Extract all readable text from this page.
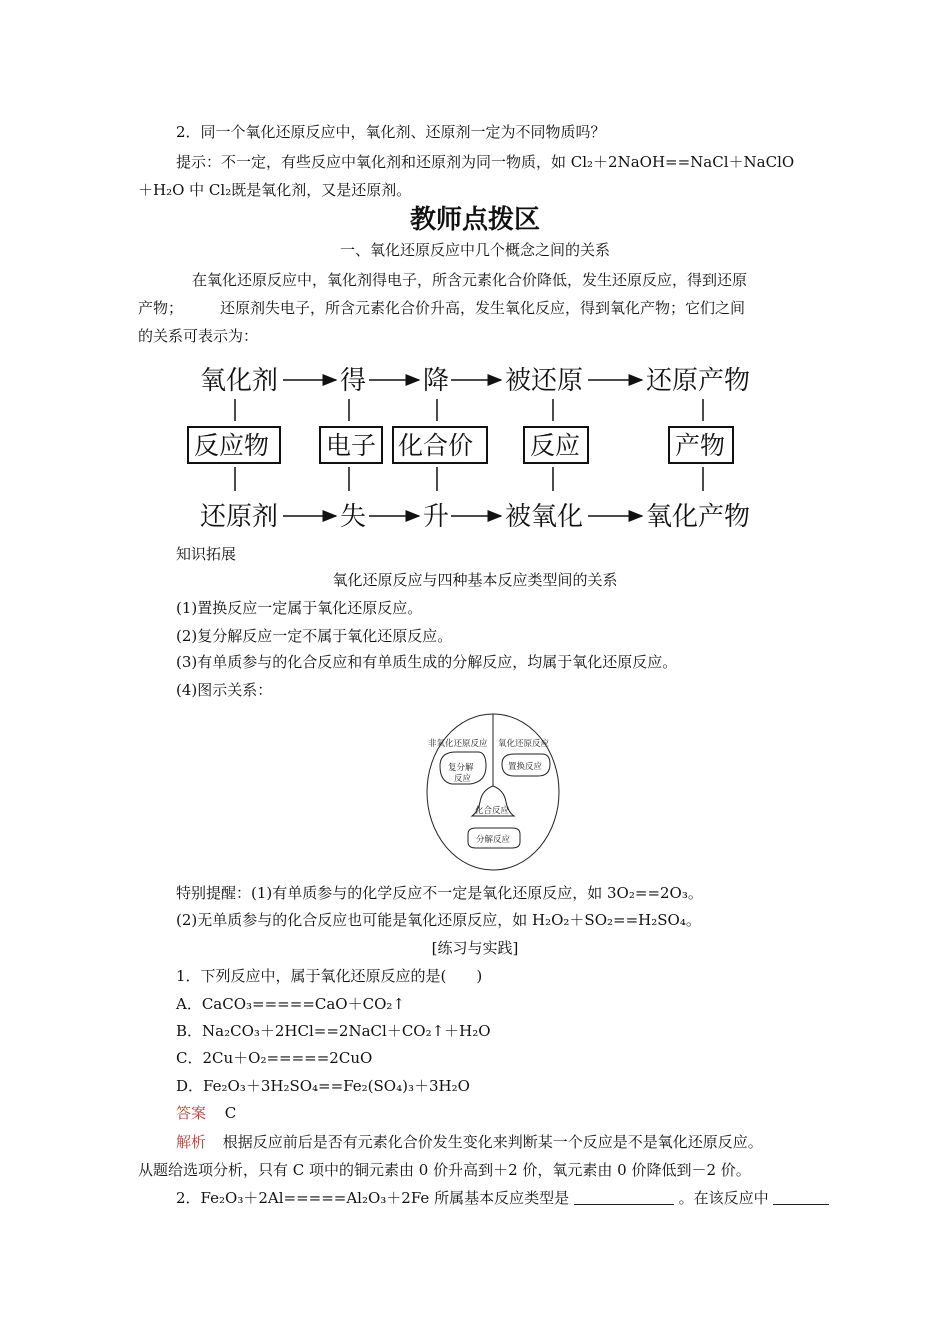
2．同一个氧化还原反应中，氧化剂、还原剂一定为不同物质吗？
提示：不一定，有些反应中氧化剂和还原剂为同一物质，如 Cl₂＋2NaOH==NaCl＋NaClO
＋H₂O 中 Cl₂既是氧化剂，又是还原剂。
教师点拨区
一、氧化还原反应中几个概念之间的关系
在氧化还原反应中，氧化剂得电子，所含元素化合价降低，发生还原反应，得到还原
产物； 还原剂失电子，所含元素化合价升高，发生氧化反应，得到氧化产物；它们之间
的关系可表示为：
氧化剂 得 降 被还原 还原产物
还原剂 失 升 被氧化 氧化产物
反应物 电子 化合价 反应	产物
知识拓展
氧化还原反应与四种基本反应类型间的关系
(1)置换反应一定属于氧化还原反应。
(2)复分解反应一定不属于氧化还原反应。
(3)有单质参与的化合反应和有单质生成的分解反应，均属于氧化还原反应。
(4)图示关系：
非氧化还原反应 氧化还原反应
复分解
反应
置换反应
化合反应
分解反应
特别提醒：(1)有单质参与的化学反应不一定是氧化还原反应，如 3O₂==2O₃。
(2)无单质参与的化合反应也可能是氧化还原反应，如 H₂O₂＋SO₂==H₂SO₄。
[练习与实践]
1．下列反应中，属于氧化还原反应的是(　　)
A．CaCO₃=====CaO＋CO₂↑
B．Na₂CO₃＋2HCl==2NaCl＋CO₂↑＋H₂O
C．2Cu＋O₂=====2CuO
D．Fe₂O₃＋3H₂SO₄==Fe₂(SO₄)₃＋3H₂O
答案 C
解析 根据反应前后是否有元素化合价发生变化来判断某一个反应是不是氧化还原反应。
从题给选项分析，只有 C 项中的铜元素由 0 价升高到＋2 价，氧元素由 0 价降低到－2 价。
2．Fe₂O₃＋2Al=====Al₂O₃＋2Fe 所属基本反应类型是	。在该反应中
